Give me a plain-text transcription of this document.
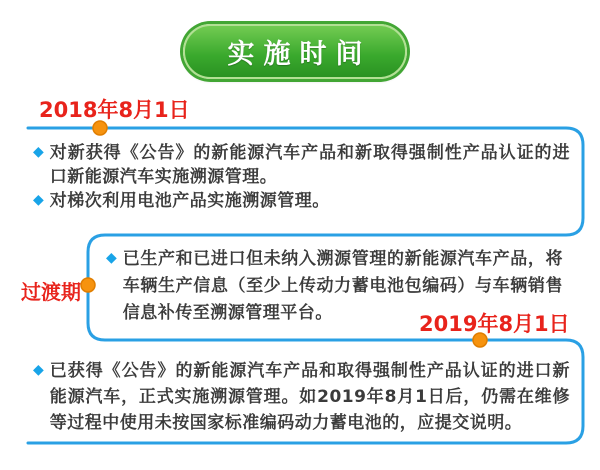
实施时间
2018年8月1日
◆ 对新获得《公告》的新能源汽车产品和新取得强制性产品认证的进口新能源汽车实施溯源管理。
◆ 对梯次利用电池产品实施溯源管理。
过渡期
◆ 已生产和已进口但未纳入溯源管理的新能源汽车产品，将车辆生产信息（至少上传动力蓄电池包编码）与车辆销售信息补传至溯源管理平台。	2019年8月1日
◆ 已获得《公告》的新能源汽车产品和取得强制性产品认证的进口新能源汽车，正式实施溯源管理。如2019年8月1日后，仍需在维修等过程中使用未按国家标准编码动力蓄电池的，应提交说明。
